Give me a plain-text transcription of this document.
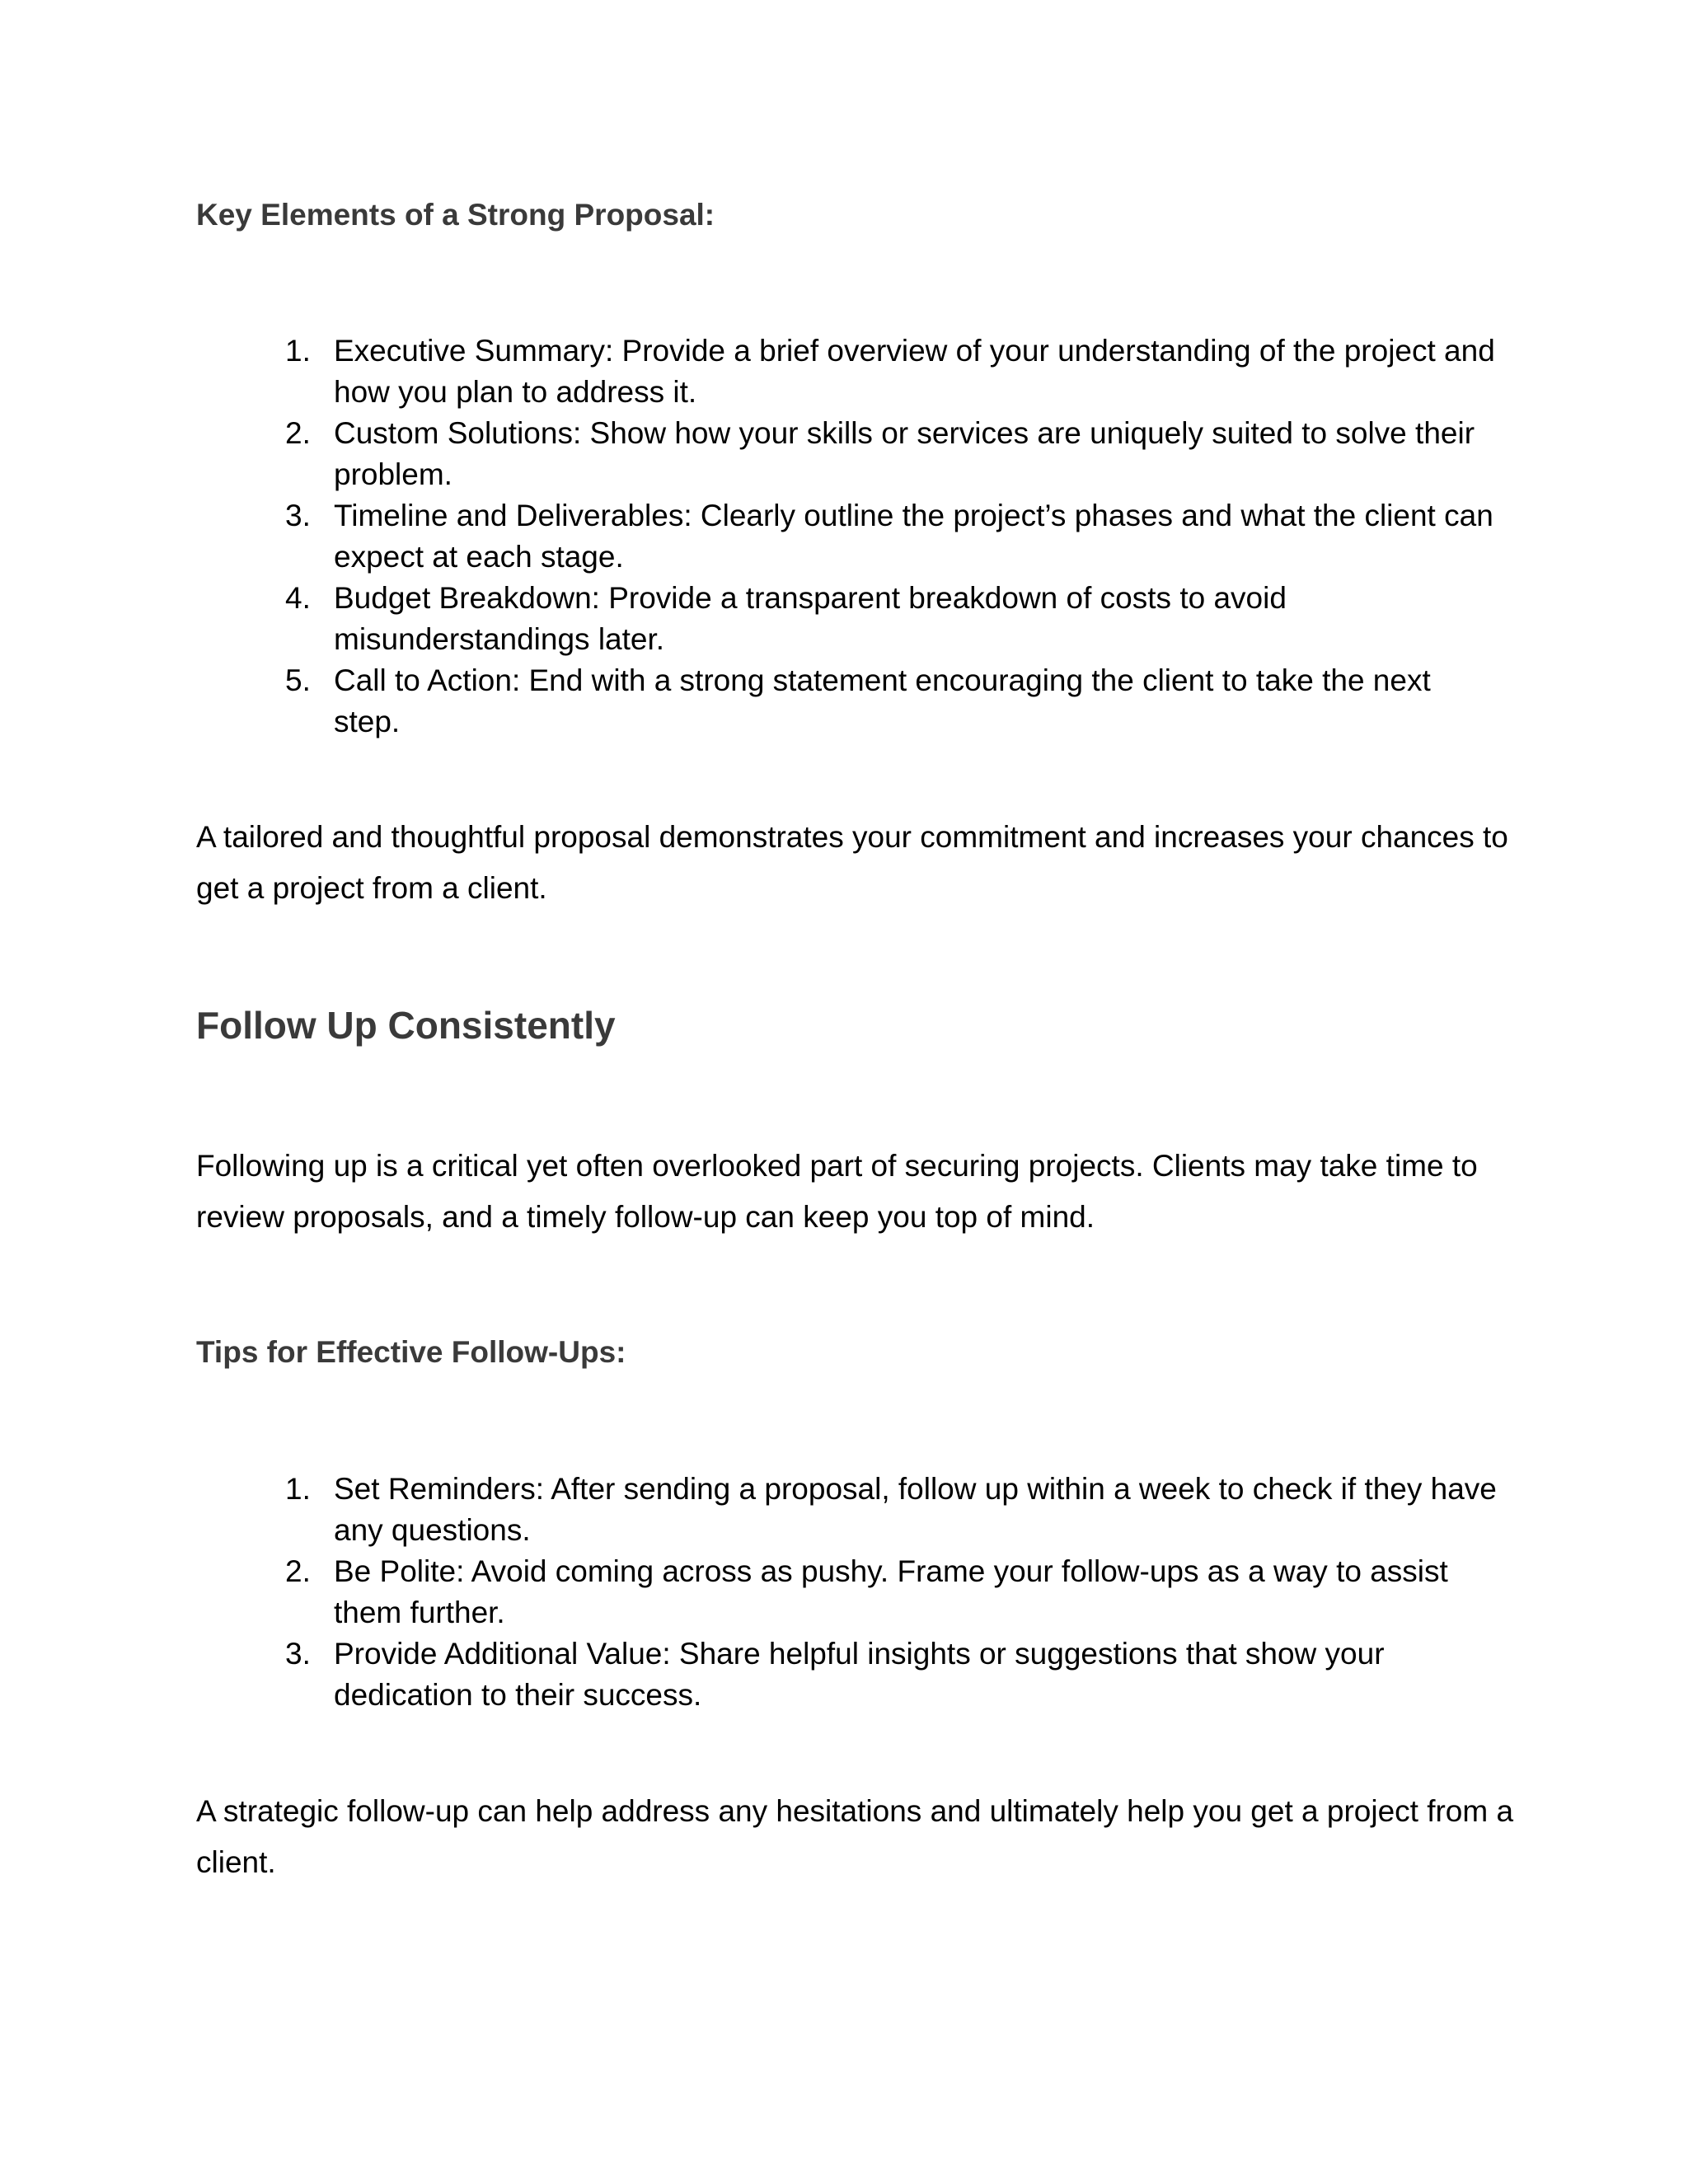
Key Elements of a Strong Proposal:
1. Executive Summary: Provide a brief overview of your understanding of the project and how you plan to address it.
2. Custom Solutions: Show how your skills or services are uniquely suited to solve their problem.
3. Timeline and Deliverables: Clearly outline the project’s phases and what the client can expect at each stage.
4. Budget Breakdown: Provide a transparent breakdown of costs to avoid misunderstandings later.
5. Call to Action: End with a strong statement encouraging the client to take the next step.

A tailored and thoughtful proposal demonstrates your commitment and increases your chances to get a project from a client.

Follow Up Consistently

Following up is a critical yet often overlooked part of securing projects. Clients may take time to review proposals, and a timely follow-up can keep you top of mind.

Tips for Effective Follow-Ups:
1. Set Reminders: After sending a proposal, follow up within a week to check if they have any questions.
2. Be Polite: Avoid coming across as pushy. Frame your follow-ups as a way to assist them further.
3. Provide Additional Value: Share helpful insights or suggestions that show your dedication to their success.

A strategic follow-up can help address any hesitations and ultimately help you get a project from a client.
